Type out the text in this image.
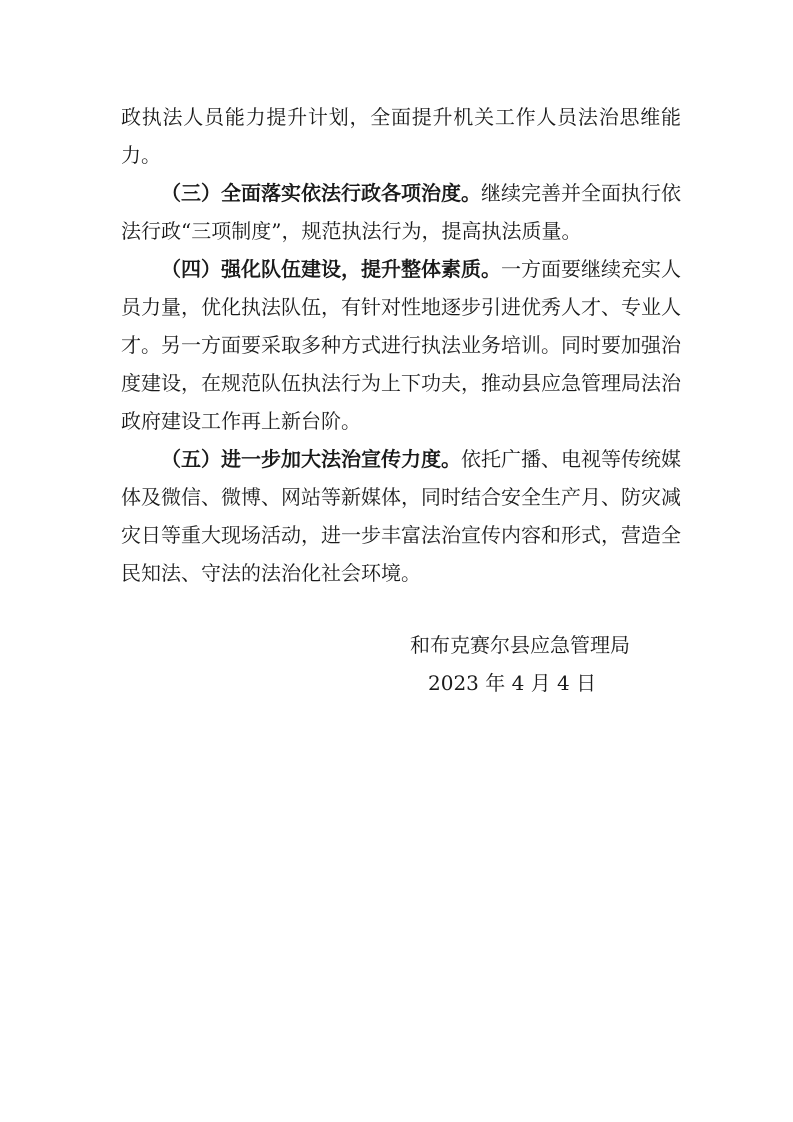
政执法人员能力提升计划，全面提升机关工作人员法治思维能力。

（三）全面落实依法行政各项治度。继续完善并全面执行依法行政“三项制度”，规范执法行为，提高执法质量。

（四）强化队伍建设，提升整体素质。一方面要继续充实人员力量，优化执法队伍，有针对性地逐步引进优秀人才、专业人才。另一方面要采取多种方式进行执法业务培训。同时要加强治度建设，在规范队伍执法行为上下功夫，推动县应急管理局法治政府建设工作再上新台阶。

（五）进一步加大法治宣传力度。依托广播、电视等传统媒体及微信、微博、网站等新媒体，同时结合安全生产月、防灾减灾日等重大现场活动，进一步丰富法治宣传内容和形式，营造全民知法、守法的法治化社会环境。

和布克赛尔县应急管理局
2023 年 4 月 4 日
